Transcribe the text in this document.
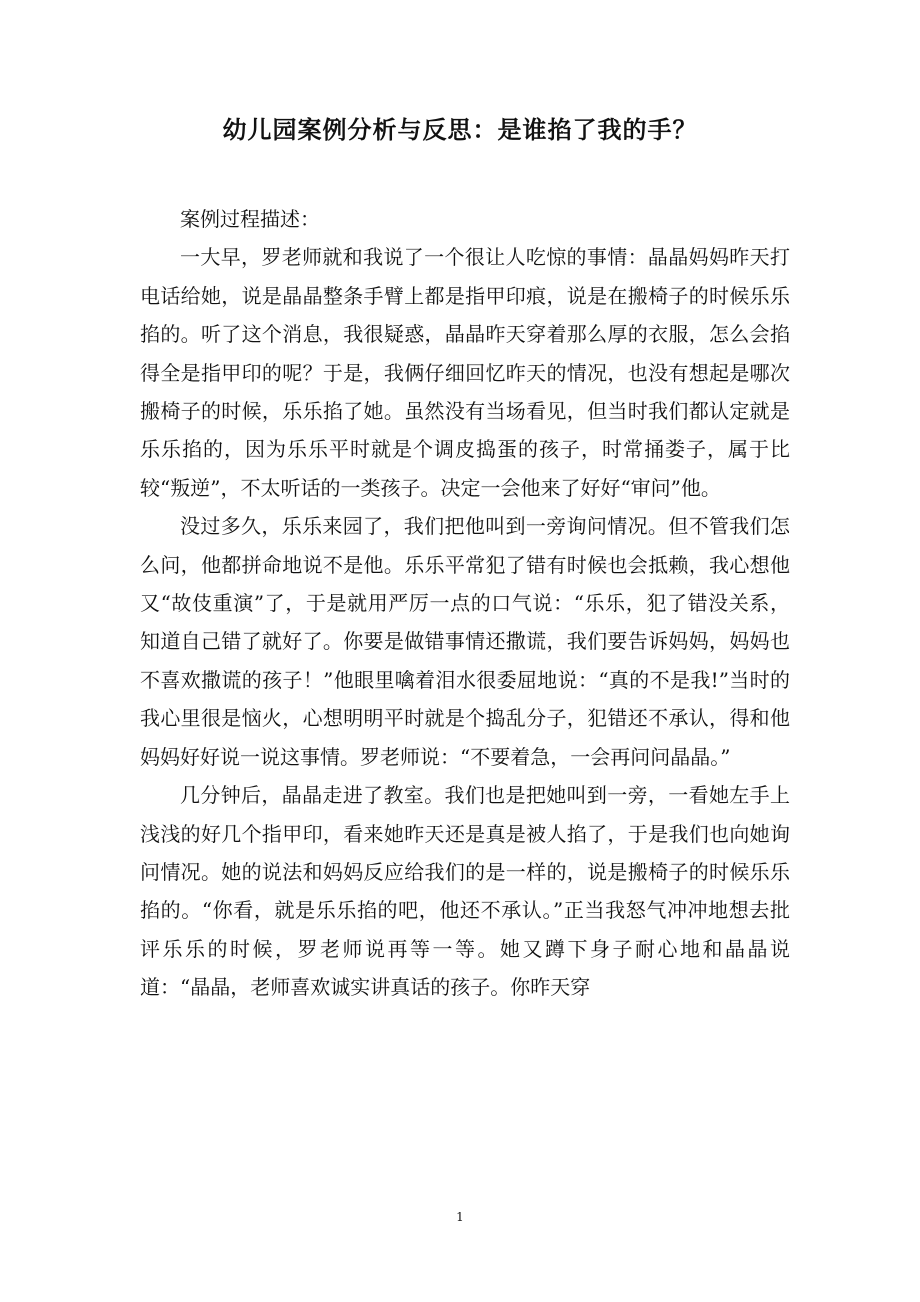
幼儿园案例分析与反思：是谁掐了我的手？

案例过程描述：

一大早，罗老师就和我说了一个很让人吃惊的事情：晶晶妈妈昨天打电话给她，说是晶晶整条手臂上都是指甲印痕，说是在搬椅子的时候乐乐掐的。听了这个消息，我很疑惑，晶晶昨天穿着那么厚的衣服，怎么会掐得全是指甲印的呢？于是，我俩仔细回忆昨天的情况，也没有想起是哪次搬椅子的时候，乐乐掐了她。虽然没有当场看见，但当时我们都认定就是乐乐掐的，因为乐乐平时就是个调皮捣蛋的孩子，时常捅娄子，属于比较“叛逆”，不太听话的一类孩子。决定一会他来了好好“审问”他。

没过多久，乐乐来园了，我们把他叫到一旁询问情况。但不管我们怎么问，他都拼命地说不是他。乐乐平常犯了错有时候也会抵赖，我心想他又“故伎重演”了，于是就用严厉一点的口气说：“乐乐，犯了错没关系，知道自己错了就好了。你要是做错事情还撒谎，我们要告诉妈妈，妈妈也不喜欢撒谎的孩子！”他眼里噙着泪水很委屈地说：“真的不是我!”当时的我心里很是恼火，心想明明平时就是个捣乱分子，犯错还不承认，得和他妈妈好好说一说这事情。罗老师说：“不要着急，一会再问问晶晶。”

几分钟后，晶晶走进了教室。我们也是把她叫到一旁，一看她左手上浅浅的好几个指甲印，看来她昨天还是真是被人掐了，于是我们也向她询问情况。她的说法和妈妈反应给我们的是一样的，说是搬椅子的时候乐乐掐的。“你看，就是乐乐掐的吧，他还不承认。”正当我怒气冲冲地想去批评乐乐的时候，罗老师说再等一等。她又蹲下身子耐心地和晶晶说道：“晶晶，老师喜欢诚实讲真话的孩子。你昨天穿

1
